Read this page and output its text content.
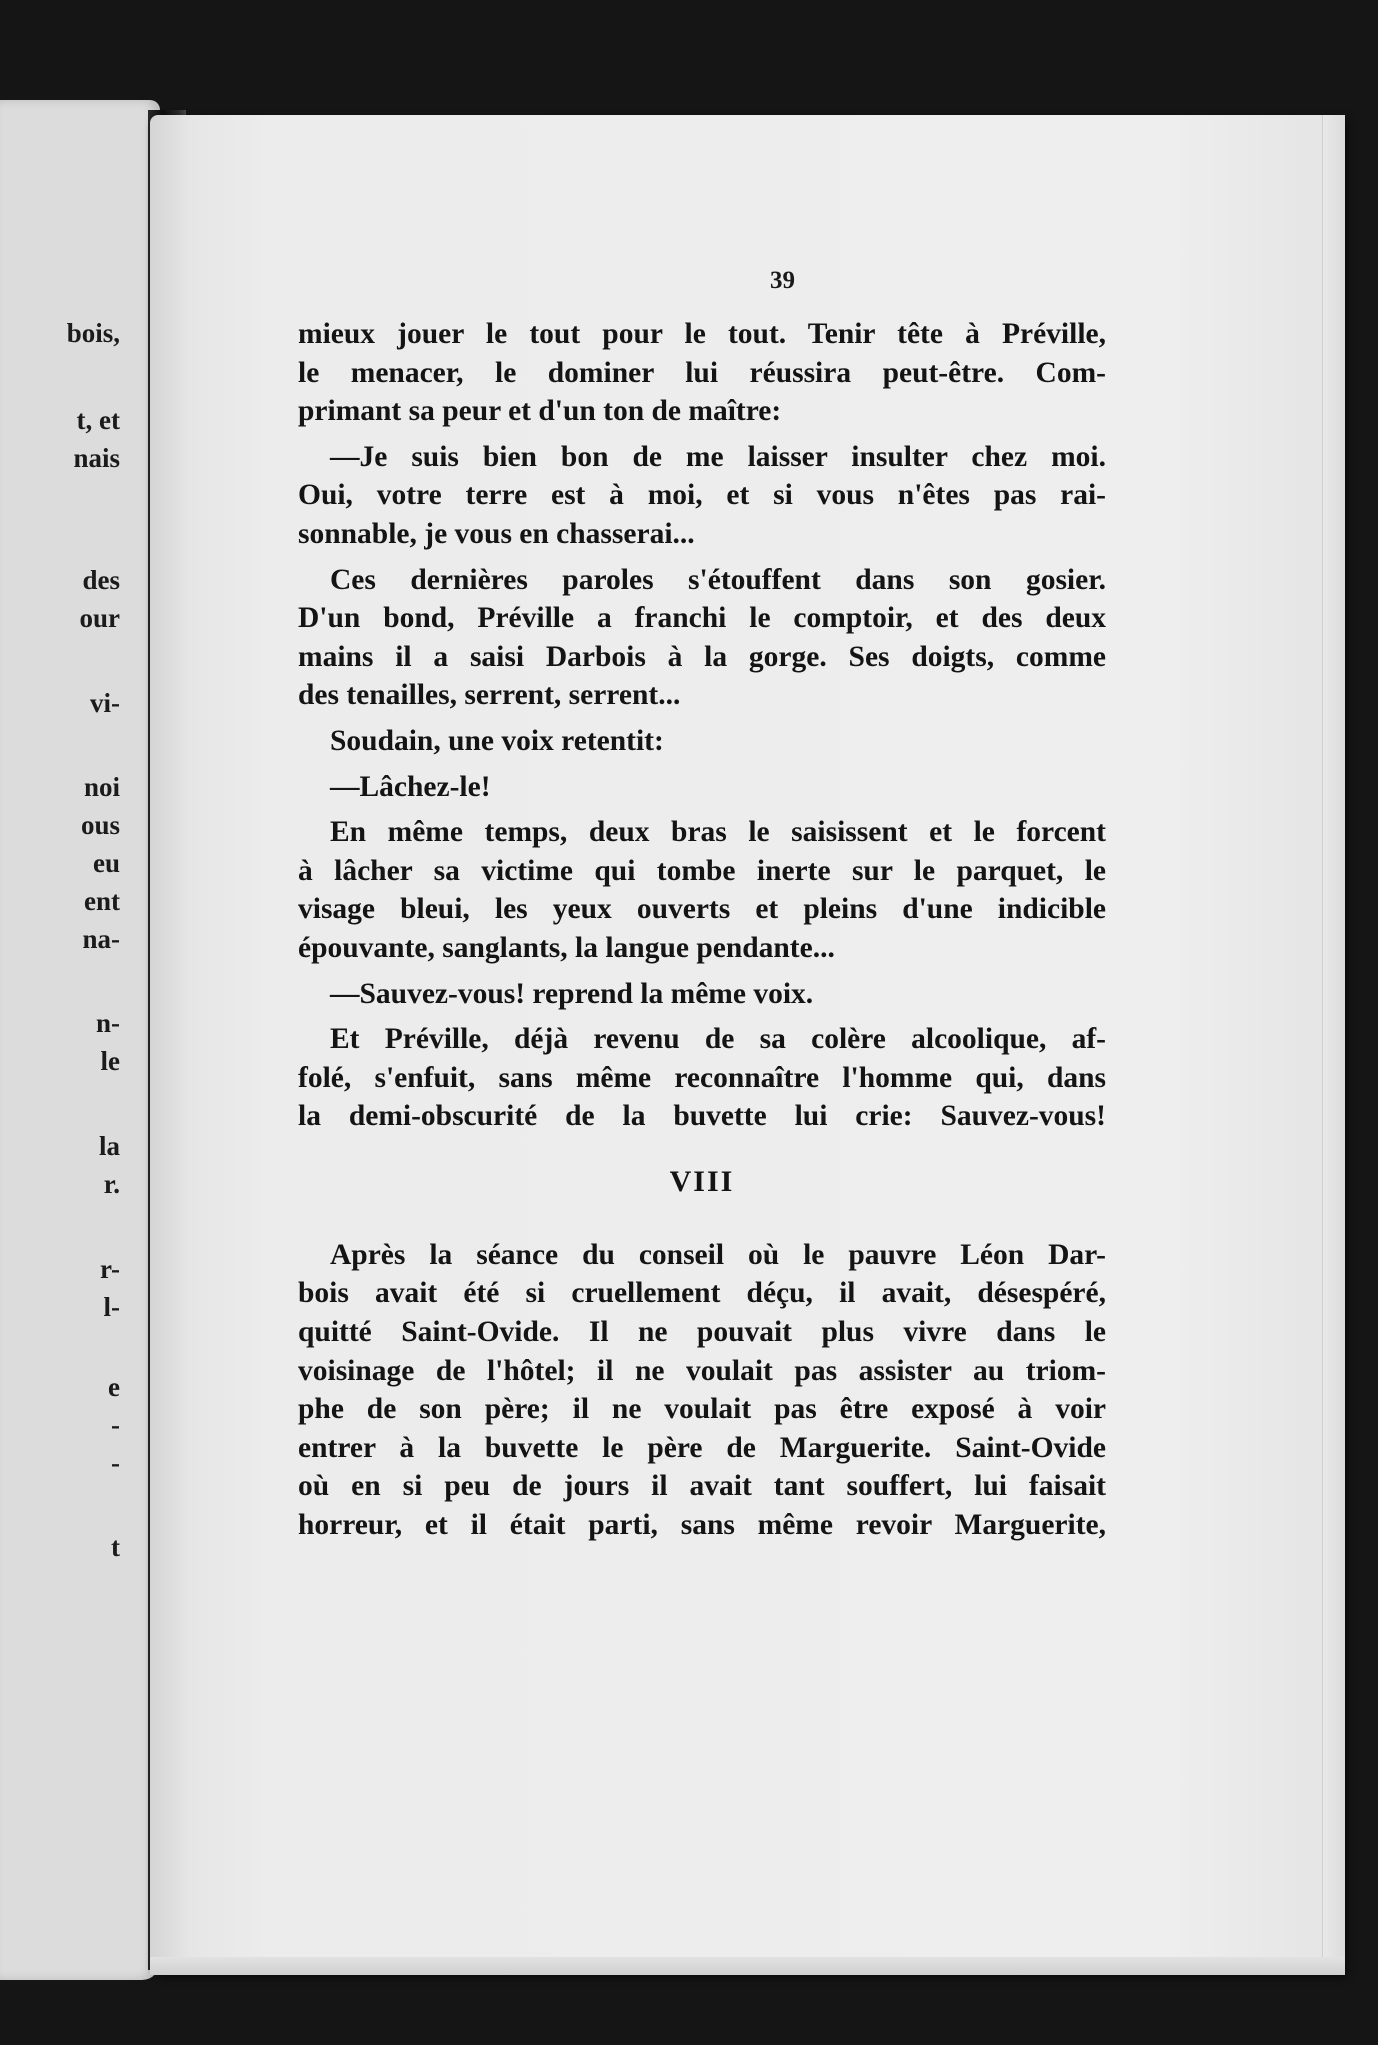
bois,
t, et
nais
des
our
vi-
noi
ous
eu
ent
na-
n-
le
la
r.
r-
l-
e
-
-
t
39
mieux jouer le tout pour le tout. Tenir tête à Préville,
le menacer, le dominer lui réussira peut-être. Com-
primant sa peur et d'un ton de maître:
—Je suis bien bon de me laisser insulter chez moi.
Oui, votre terre est à moi, et si vous n'êtes pas rai-
sonnable, je vous en chasserai...
Ces dernières paroles s'étouffent dans son gosier.
D'un bond, Préville a franchi le comptoir, et des deux
mains il a saisi Darbois à la gorge. Ses doigts, comme
des tenailles, serrent, serrent...
Soudain, une voix retentit:
—Lâchez-le!
En même temps, deux bras le saisissent et le forcent
à lâcher sa victime qui tombe inerte sur le parquet, le
visage bleui, les yeux ouverts et pleins d'une indicible
épouvante, sanglants, la langue pendante...
—Sauvez-vous! reprend la même voix.
Et Préville, déjà revenu de sa colère alcoolique, af-
folé, s'enfuit, sans même reconnaître l'homme qui, dans
la demi-obscurité de la buvette lui crie: Sauvez-vous!
VIII
Après la séance du conseil où le pauvre Léon Dar-
bois avait été si cruellement déçu, il avait, désespéré,
quitté Saint-Ovide. Il ne pouvait plus vivre dans le
voisinage de l'hôtel; il ne voulait pas assister au triom-
phe de son père; il ne voulait pas être exposé à voir
entrer à la buvette le père de Marguerite. Saint-Ovide
où en si peu de jours il avait tant souffert, lui faisait
horreur, et il était parti, sans même revoir Marguerite,
